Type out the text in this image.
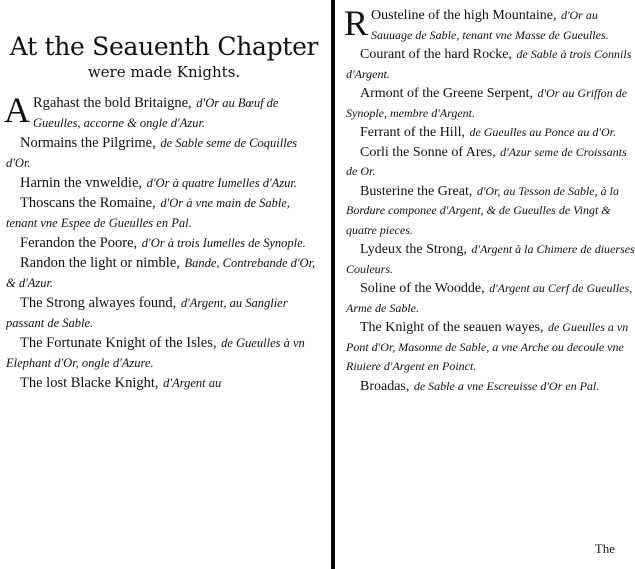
At the Seauenth Chapter
were made Knights.

A Rgahast the bold Britaigne, d'Or au Bœuf de Gueulles, accorne & ongle d'Azur.

Normains the Pilgrime, de Sable seme de Coquilles d'Or.

Harnin the vnweldie, d'Or à quatre Iumelles d'Azur.

Thoscans the Romaine, d'Or à vne main de Sable, tenant vne Espee de Gueulles en Pal.

Ferandon the Poore, d'Or à trois Iumelles de Synople.

Randon the light or nimble, Bande, Contrebande d'Or, & d'Azur.

The Strong alwayes found, d'Argent, au Sanglier passant de Sable.

The Fortunate Knight of the Isles, de Gueulles à vn Elephant d'Or, ongle d'Azure.

The lost Blacke Knight, d'Argent au

R Ousteline of the high Mountaine, d'Or au Sauuage de Sable, tenant vne Masse de Gueulles.

Courant of the hard Rocke, de Sable à trois Connils d'Argent.

Armont of the Greene Serpent, d'Or au Griffon de Synople, membre d'Argent.

Ferrant of the Hill, de Gueulles au Ponce au d'Or.

Corli the Sonne of Ares, d'Azur seme de Croissants de Or.

Busterine the Great, d'Or, au Tesson de Sable, à la Bordure componee d'Argent, & de Gueulles de Vingt & quatre pieces.

Lydeux the Strong, d'Argent à la Chimere de diuerses Couleurs.

Soline of the Woodde, d'Argent au Cerf de Gueulles, Arme de Sable.

The Knight of the seauen wayes, de Gueulles a vn Pont d'Or, Masonne de Sable, a vne Arche ou decoule vne Riuiere d'Argent en Poinct.

Broadas, de Sable a vne Escreuisse d'Or en Pal.

The
